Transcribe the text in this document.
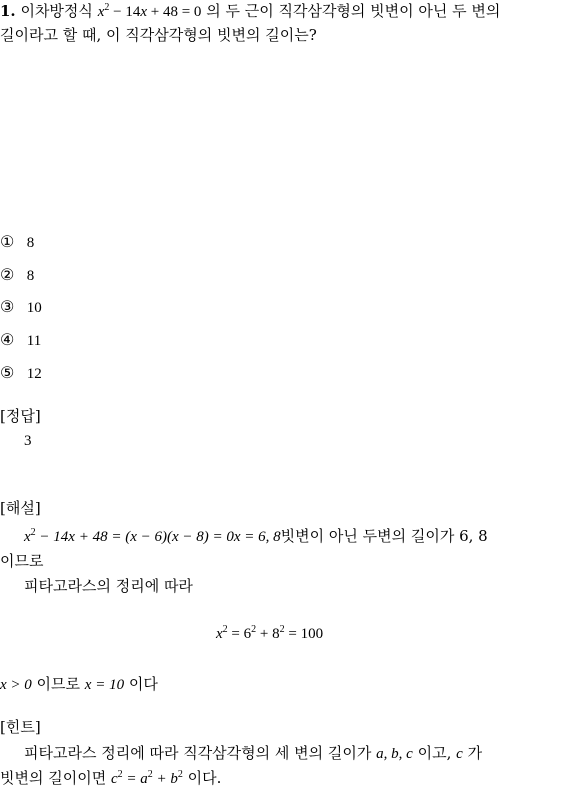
1. 이차방정식 $x^2 - 14x + 48 = 0$ 의 두 근이 직각삼각형의 빗변이 아닌 두 변의
길이라고 할 때, 이 직각삼각형의 빗변의 길이는?
① 8
② 8
③ 10
④ 11
⑤ 12
[정답]
3
[해설]
$x^2 - 14x + 48 = (x - 6)(x - 8) = 0x = 6$, 8빗변이 아닌 두변의 길이가 6, 8
이므로
피타고라스의 정리에 따라
$x^2 = 6^2 + 8^2 = 100$
x > 0 이므로 x = 10 이다
[힌트]
피타고라스 정리에 따라 직각삼각형의 세 변의 길이가 a, b, c 이고, c 가
빗변의 길이이면 $c^2 = a^2 + b^2$ 이다.
